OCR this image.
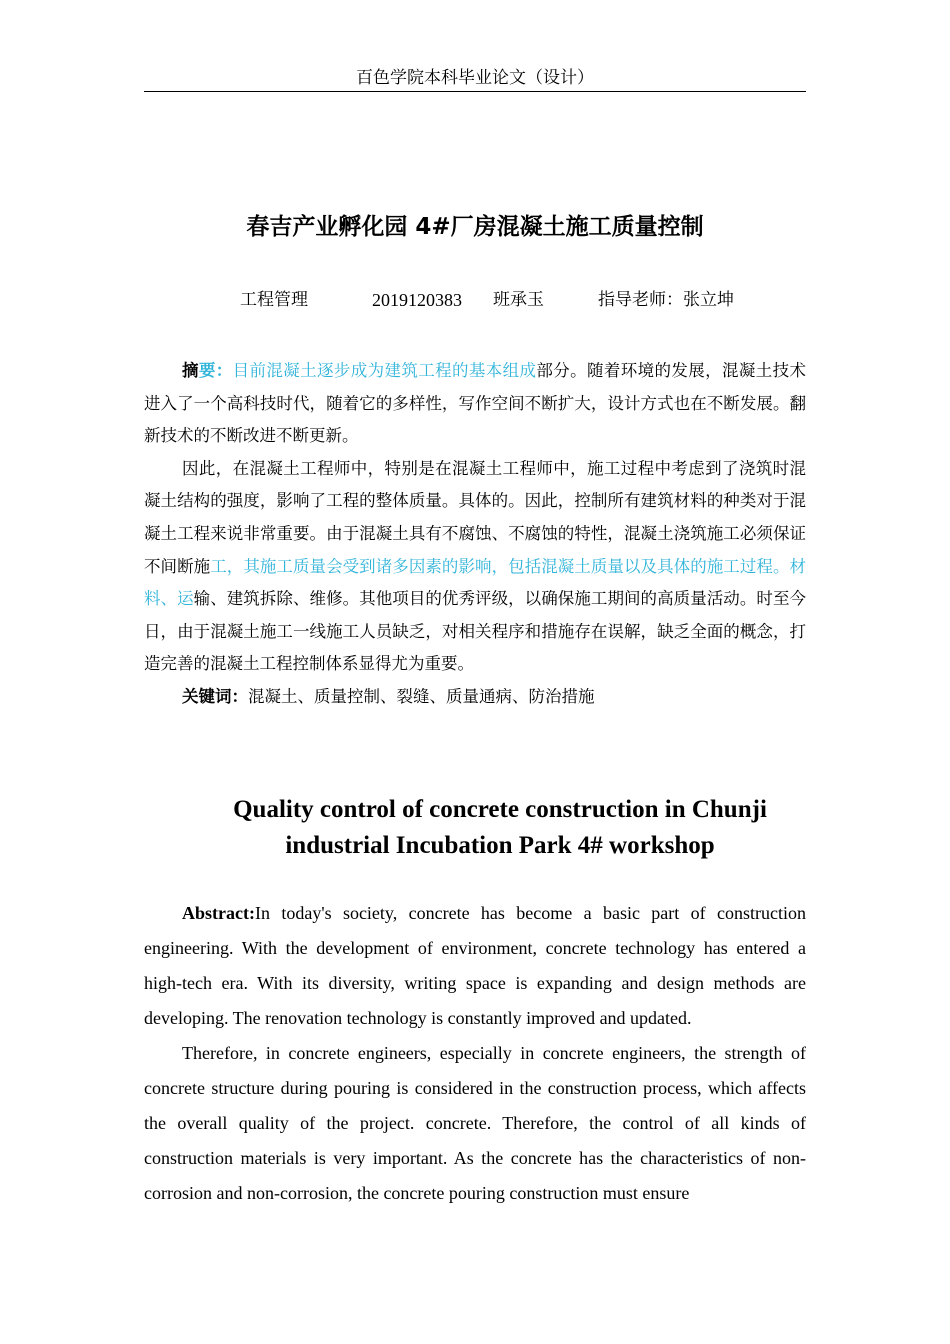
百色学院本科毕业论文（设计）
春吉产业孵化园 4#厂房混凝土施工质量控制
工程管理	2019120383 班承玉	指导老师：张立坤

摘要：目前混凝土逐步成为建筑工程的基本组成部分。随着环境的发展，混凝土技术进入了一个高科技时代，随着它的多样性，写作空间不断扩大，设计方式也在不断发展。翻新技术的不断改进不断更新。

因此，在混凝土工程师中，特别是在混凝土工程师中，施工过程中考虑到了浇筑时混凝土结构的强度，影响了工程的整体质量。具体的。因此，控制所有建筑材料的种类对于混凝土工程来说非常重要。由于混凝土具有不腐蚀、不腐蚀的特性，混凝土浇筑施工必须保证不间断施工，其施工质量会受到诸多因素的影响，包括混凝土质量以及具体的施工过程。材料、运输、建筑拆除、维修。其他项目的优秀评级，以确保施工期间的高质量活动。时至今日，由于混凝土施工一线施工人员缺乏，对相关程序和措施存在误解，缺乏全面的概念，打造完善的混凝土工程控制体系显得尤为重要。

关键词：混凝土、质量控制、裂缝、质量通病、防治措施

Quality control of concrete construction in Chunji
industrial Incubation Park 4# workshop

Abstract:In today's society, concrete has become a basic part of construction engineering. With the development of environment, concrete technology has entered a high-tech era. With its diversity, writing space is expanding and design methods are developing. The renovation technology is constantly improved and updated.

Therefore, in concrete engineers, especially in concrete engineers, the strength of concrete structure during pouring is considered in the construction process, which affects the overall quality of the project. concrete. Therefore, the control of all kinds of construction materials is very important. As the concrete has the characteristics of non-corrosion and non-corrosion, the concrete pouring construction must ensure
